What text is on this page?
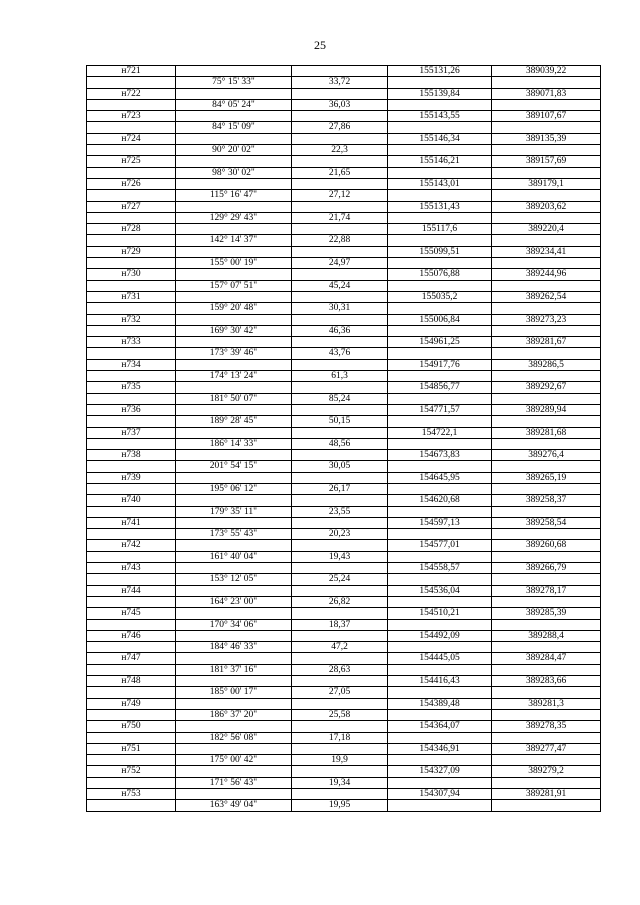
25
н721			155131,26	389039,22
	75° 15' 33"	33,72		
н722			155139,84	389071,83
	84° 05' 24"	36,03		
н723			155143,55	389107,67
	84° 15' 09"	27,86		
н724			155146,34	389135,39
	90° 20' 02"	22,3		
н725			155146,21	389157,69
	98° 30' 02"	21,65		
н726			155143,01	389179,1
	115° 16' 47"	27,12		
н727			155131,43	389203,62
	129° 29' 43"	21,74		
н728			155117,6	389220,4
	142° 14' 37"	22,88		
н729			155099,51	389234,41
	155° 00' 19"	24,97		
н730			155076,88	389244,96
	157° 07' 51"	45,24		
н731			155035,2	389262,54
	159° 20' 48"	30,31		
н732			155006,84	389273,23
	169° 30' 42"	46,36		
н733			154961,25	389281,67
	173° 39' 46"	43,76		
н734			154917,76	389286,5
	174° 13' 24"	61,3		
н735			154856,77	389292,67
	181° 50' 07"	85,24		
н736			154771,57	389289,94
	189° 28' 45"	50,15		
н737			154722,1	389281,68
	186° 14' 33"	48,56		
н738			154673,83	389276,4
	201° 54' 15"	30,05		
н739			154645,95	389265,19
	195° 06' 12"	26,17		
н740			154620,68	389258,37
	179° 35' 11"	23,55		
н741			154597,13	389258,54
	173° 55' 43"	20,23		
н742			154577,01	389260,68
	161° 40' 04"	19,43		
н743			154558,57	389266,79
	153° 12' 05"	25,24		
н744			154536,04	389278,17
	164° 23' 00"	26,82		
н745			154510,21	389285,39
	170° 34' 06"	18,37		
н746			154492,09	389288,4
	184° 46' 33"	47,2		
н747			154445,05	389284,47
	181° 37' 16"	28,63		
н748			154416,43	389283,66
	185° 00' 17"	27,05		
н749			154389,48	389281,3
	186° 37' 20"	25,58		
н750			154364,07	389278,35
	182° 56' 08"	17,18		
н751			154346,91	389277,47
	175° 00' 42"	19,9		
н752			154327,09	389279,2
	171° 56' 43"	19,34		
н753			154307,94	389281,91
	163° 49' 04"	19,95		
